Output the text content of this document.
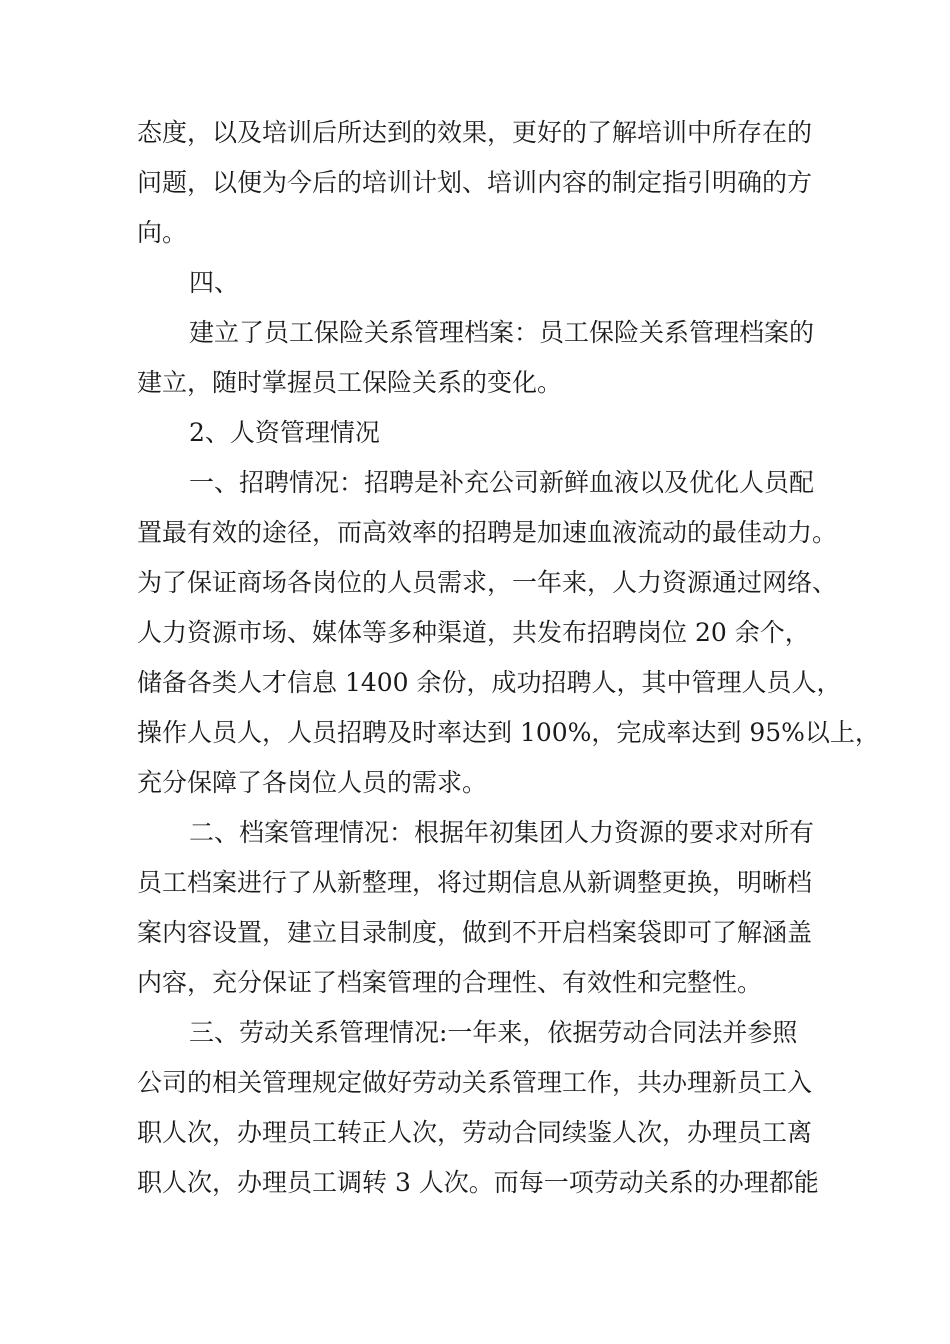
态度，以及培训后所达到的效果，更好的了解培训中所存在的
问题，以便为今后的培训计划、培训内容的制定指引明确的方
向。
四、
建立了员工保险关系管理档案：员工保险关系管理档案的
建立，随时掌握员工保险关系的变化。
2、人资管理情况
一、招聘情况：招聘是补充公司新鲜血液以及优化人员配
置最有效的途径，而高效率的招聘是加速血液流动的最佳动力。
为了保证商场各岗位的人员需求，一年来，人力资源通过网络、
人力资源市场、媒体等多种渠道，共发布招聘岗位 20 余个，
储备各类人才信息 1400 余份，成功招聘人，其中管理人员人，
操作人员人，人员招聘及时率达到 100%，完成率达到 95%以上，
充分保障了各岗位人员的需求。
二、档案管理情况：根据年初集团人力资源的要求对所有
员工档案进行了从新整理，将过期信息从新调整更换，明晰档
案内容设置，建立目录制度，做到不开启档案袋即可了解涵盖
内容，充分保证了档案管理的合理性、有效性和完整性。
三、劳动关系管理情况:一年来，依据劳动合同法并参照
公司的相关管理规定做好劳动关系管理工作，共办理新员工入
职人次，办理员工转正人次，劳动合同续鉴人次，办理员工离
职人次，办理员工调转 3 人次。而每一项劳动关系的办理都能
